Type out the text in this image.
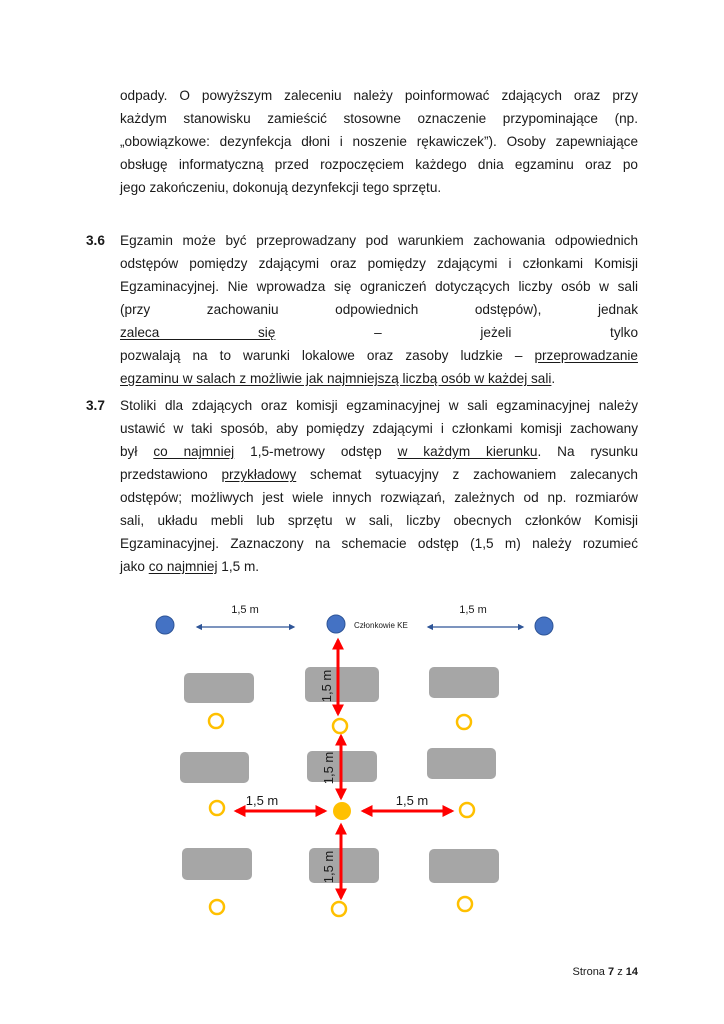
odpady. O powyższym zaleceniu należy poinformować zdających oraz przy
każdym stanowisku zamieścić stosowne oznaczenie przypominające (np.
„obowiązkowe: dezynfekcja dłoni i noszenie rękawiczek”). Osoby zapewniające
obsługę informatyczną przed rozpoczęciem każdego dnia egzaminu oraz po
jego zakończeniu, dokonują dezynfekcji tego sprzętu.
3.6 Egzamin może być przeprowadzany pod warunkiem zachowania odpowiednich
odstępów pomiędzy zdającymi oraz pomiędzy zdającymi i członkami Komisji
Egzaminacyjnej. Nie wprowadza się ograniczeń dotyczących liczby osób w sali
(przy zachowaniu odpowiednich odstępów), jednak
zaleca się	– jeżeli tylko
pozwalają na to warunki lokalowe oraz zasoby ludzkie – przeprowadzanie
egzaminu w salach z możliwie jak najmniejszą liczbą osób w każdej sali.
3.7 Stoliki dla zdających oraz komisji egzaminacyjnej w sali egzaminacyjnej należy
ustawić w taki sposób, aby pomiędzy zdającymi i członkami komisji zachowany
był co najmniej 1,5-metrowy odstęp w każdym kierunku. Na rysunku
przedstawiono przykładowy schemat sytuacyjny z zachowaniem zalecanych
odstępów; możliwych jest wiele innych rozwiązań, zależnych od np. rozmiarów
sali, układu mebli lub sprzętu w sali, liczby obecnych członków Komisji
Egzaminacyjnej. Zaznaczony na schemacie odstęp (1,5 m) należy rozumieć
jako co najmniej 1,5 m.
1,5 m	1,5 m
Członkowie KE
1,5 m
1,5 m
1,5 m
1,5 m	1,5 m
Strona 7 z 14
